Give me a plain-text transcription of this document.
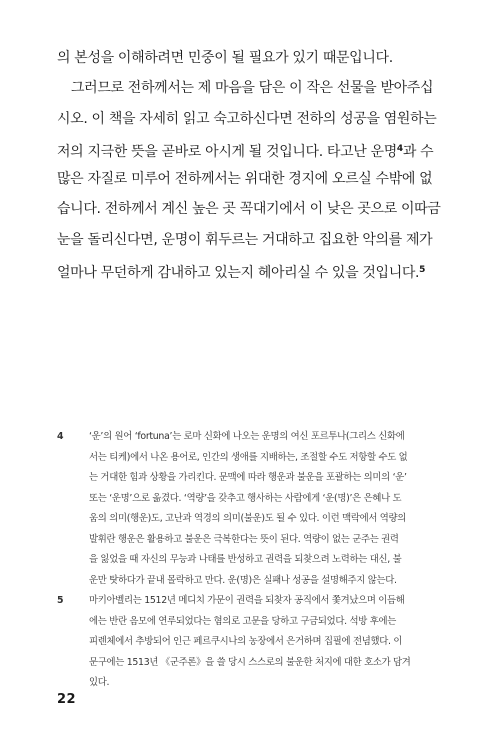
의 본성을 이해하려면 민중이 될 필요가 있기 때문입니다.
그러므로 전하께서는 제 마음을 담은 이 작은 선물을 받아주십
시오. 이 책을 자세히 읽고 숙고하신다면 전하의 성공을 염원하는
저의 지극한 뜻을 곧바로 아시게 될 것입니다. 타고난 운명$^4$과 수
많은 자질로 미루어 전하께서는 위대한 경지에 오르실 수밖에 없
습니다. 전하께서 계신 높은 곳 꼭대기에서 이 낮은 곳으로 이따금
눈을 돌리신다면, 운명이 휘두르는 거대하고 집요한 악의를 제가
얼마나 무던하게 감내하고 있는지 헤아리실 수 있을 것입니다.$^5$
4	‘운’의 원어 ‘fortuna’는 로마 신화에 나오는 운명의 여신 포르투나(그리스 신화에
서는 티케)에서 나온 용어로, 인간의 생애를 지배하는, 조절할 수도 저항할 수도 없
는 거대한 힘과 상황을 가리킨다. 문맥에 따라 행운과 불운을 포괄하는 의미의 ‘운’
또는 ‘운명’으로 옮겼다. ‘역량’을 갖추고 행사하는 사람에게 ‘운(명)’은 은혜나 도
움의 의미(행운)도, 고난과 역경의 의미(불운)도 될 수 있다. 이런 맥락에서 역량의
발휘란 행운은 활용하고 불운은 극복한다는 뜻이 된다. 역량이 없는 군주는 권력
을 잃었을 때 자신의 무능과 나태를 반성하고 권력을 되찾으려 노력하는 대신, 불
운만 탓하다가 끝내 몰락하고 만다. 운(명)은 실패나 성공을 설명해주지 않는다.
5	마키아벨리는 1512년 메디치 가문이 권력을 되찾자 공직에서 쫓겨났으며 이듬해
에는 반란 음모에 연루되었다는 혐의로 고문을 당하고 구금되었다. 석방 후에는
피렌체에서 추방되어 인근 페르쿠시나의 농장에서 은거하며 집필에 전념했다. 이
문구에는 1513년 《군주론》을 쓸 당시 스스로의 불운한 처지에 대한 호소가 담겨
있다.
22
